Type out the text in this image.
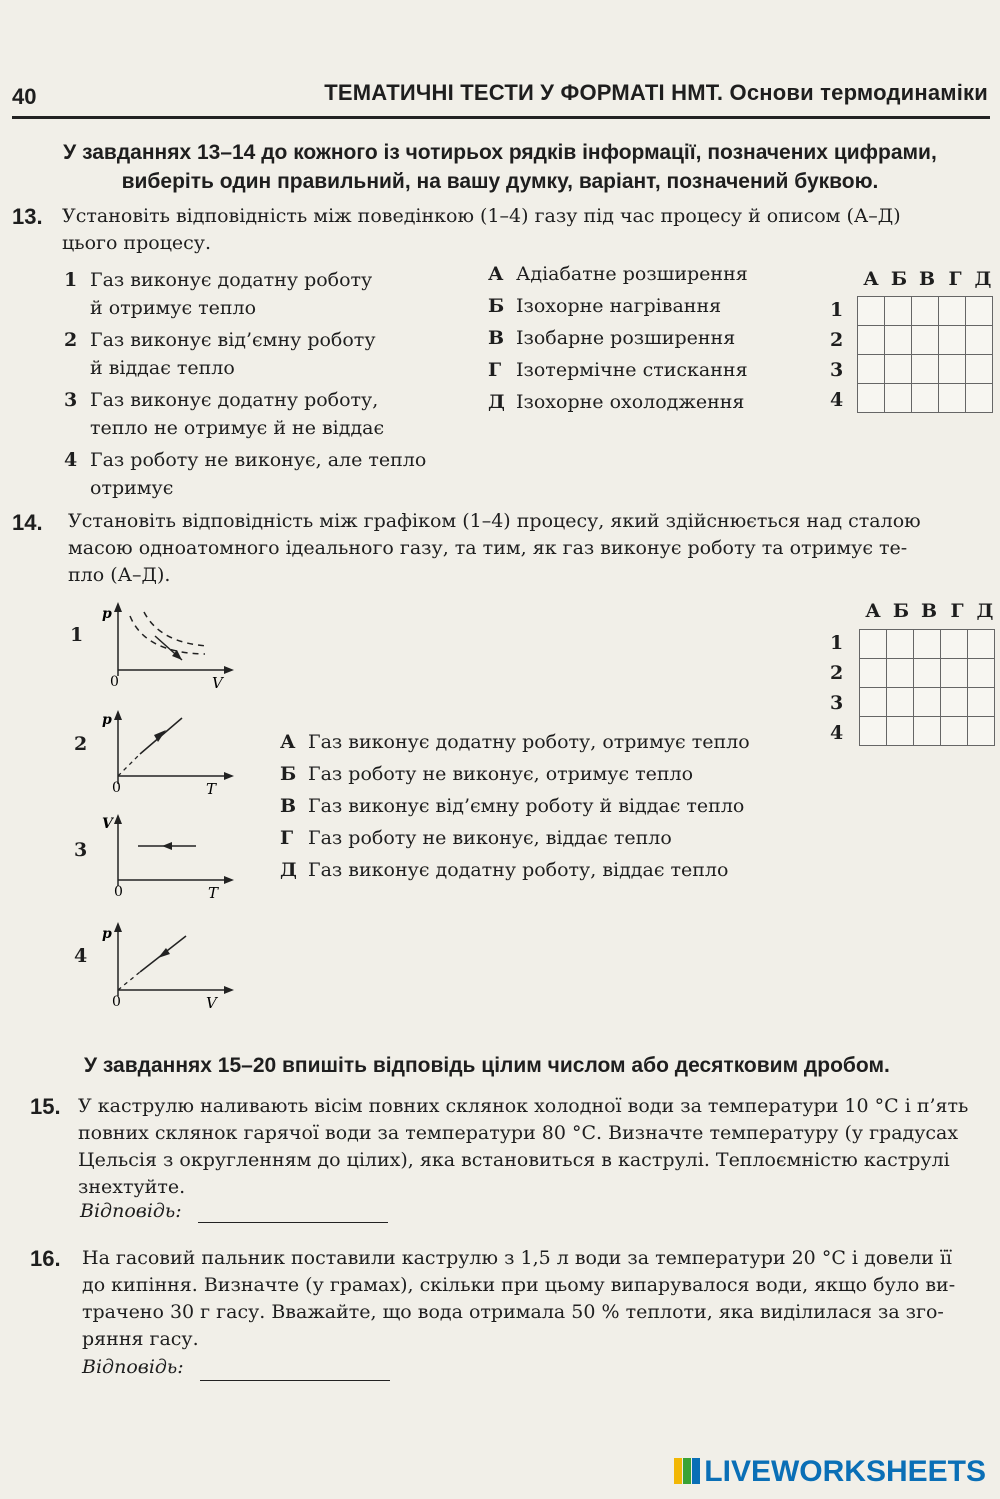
40	ТЕМАТИЧНІ ТЕСТИ У ФОРМАТІ НМТ. Основи термодинаміки
У завданнях 13–14 до кожного із чотирьох рядків інформації, позначених цифрами,
виберіть один правильний, на вашу думку, варіант, позначений буквою.
13. Установіть відповідність між поведінкою (1–4) газу під час процесу й описом (А–Д)
цього процесу.
1 Газ виконує додатну роботу
й отримує тепло
2 Газ виконує від’ємну роботу
й віддає тепло
3 Газ виконує додатну роботу,
тепло не отримує й не віддає
4 Газ роботу не виконує, але тепло
отримує
А Адіабатне розширення
Б Ізохорне нагрівання
В Ізобарне розширення
Г Ізотермічне стискання
Д Ізохорне охолодження
А Б В Г Д
1
2
3
4

14. Установіть відповідність між графіком (1–4) процесу, який здійснюється над сталою
масою одноатомного ідеального газу, та тим, як газ виконує роботу та отримує те-
пло (А–Д).
1
p
0	V
2
p
0	T
3
V
0	T
4
p
0	V
А Газ виконує додатну роботу, отримує тепло
Б Газ роботу не виконує, отримує тепло
В Газ виконує від’ємну роботу й віддає тепло
Г Газ роботу не виконує, віддає тепло
Д Газ виконує додатну роботу, віддає тепло
А Б В Г Д
1
2
3
4

У завданнях 15–20 впишіть відповідь цілим числом або десятковим дробом.
15. У каструлю наливають вісім повних склянок холодної води за температури 10 °С і п’ять
повних склянок гарячої води за температури 80 °С. Визначте температуру (у градусах
Цельсія з округленням до цілих), яка встановиться в каструлі. Теплоємністю каструлі
знехтуйте.
Відповідь:
16. На гасовий пальник поставили каструлю з 1,5 л води за температури 20 °С і довели її
до кипіння. Визначте (у грамах), скільки при цьому випарувалося води, якщо було ви-
трачено 30 г гасу. Вважайте, що вода отримала 50 % теплоти, яка виділилася за зго-
ряння гасу.
Відповідь:
LIVEWORKSHEETS
